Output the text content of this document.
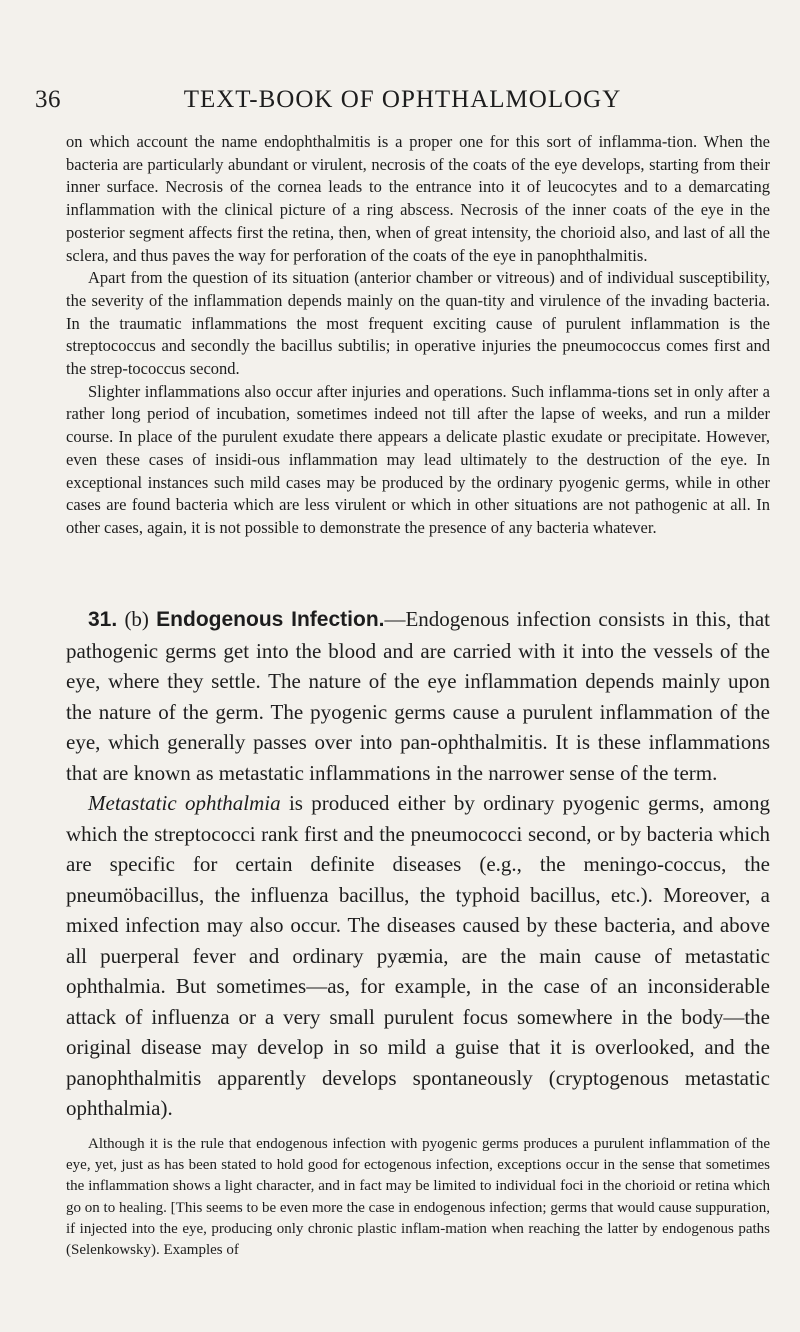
36	TEXT-BOOK OF OPHTHALMOLOGY

on which account the name endophthalmitis is a proper one for this sort of inflamma-tion. When the bacteria are particularly abundant or virulent, necrosis of the coats of the eye develops, starting from their inner surface. Necrosis of the cornea leads to the entrance into it of leucocytes and to a demarcating inflammation with the clinical picture of a ring abscess. Necrosis of the inner coats of the eye in the posterior segment affects first the retina, then, when of great intensity, the chorioid also, and last of all the sclera, and thus paves the way for perforation of the coats of the eye in panophthalmitis.

Apart from the question of its situation (anterior chamber or vitreous) and of individual susceptibility, the severity of the inflammation depends mainly on the quan-tity and virulence of the invading bacteria. In the traumatic inflammations the most frequent exciting cause of purulent inflammation is the streptococcus and secondly the bacillus subtilis; in operative injuries the pneumococcus comes first and the strep-tococcus second.

Slighter inflammations also occur after injuries and operations. Such inflamma-tions set in only after a rather long period of incubation, sometimes indeed not till after the lapse of weeks, and run a milder course. In place of the purulent exudate there appears a delicate plastic exudate or precipitate. However, even these cases of insidi-ous inflammation may lead ultimately to the destruction of the eye. In exceptional instances such mild cases may be produced by the ordinary pyogenic germs, while in other cases are found bacteria which are less virulent or which in other situations are not pathogenic at all. In other cases, again, it is not possible to demonstrate the presence of any bacteria whatever.

31. (b) Endogenous Infection.—Endogenous infection consists in this, that pathogenic germs get into the blood and are carried with it into the vessels of the eye, where they settle. The nature of the eye inflammation depends mainly upon the nature of the germ. The pyogenic germs cause a purulent inflammation of the eye, which generally passes over into pan-ophthalmitis. It is these inflammations that are known as metastatic inflammations in the narrower sense of the term.

Metastatic ophthalmia is produced either by ordinary pyogenic germs, among which the streptococci rank first and the pneumococci second, or by bacteria which are specific for certain definite diseases (e.g., the meningo-coccus, the pneumöbacillus, the influenza bacillus, the typhoid bacillus, etc.). Moreover, a mixed infection may also occur. The diseases caused by these bacteria, and above all puerperal fever and ordinary pyæmia, are the main cause of metastatic ophthalmia. But sometimes—as, for example, in the case of an inconsiderable attack of influenza or a very small purulent focus somewhere in the body—the original disease may develop in so mild a guise that it is overlooked, and the panophthalmitis apparently develops spontaneously (cryptogenous metastatic ophthalmia).

Although it is the rule that endogenous infection with pyogenic germs produces a purulent inflammation of the eye, yet, just as has been stated to hold good for ectogenous infection, exceptions occur in the sense that sometimes the inflammation shows a light character, and in fact may be limited to individual foci in the chorioid or retina which go on to healing. [This seems to be even more the case in endogenous infection; germs that would cause suppuration, if injected into the eye, producing only chronic plastic inflam-mation when reaching the latter by endogenous paths (Selenkowsky). Examples of
